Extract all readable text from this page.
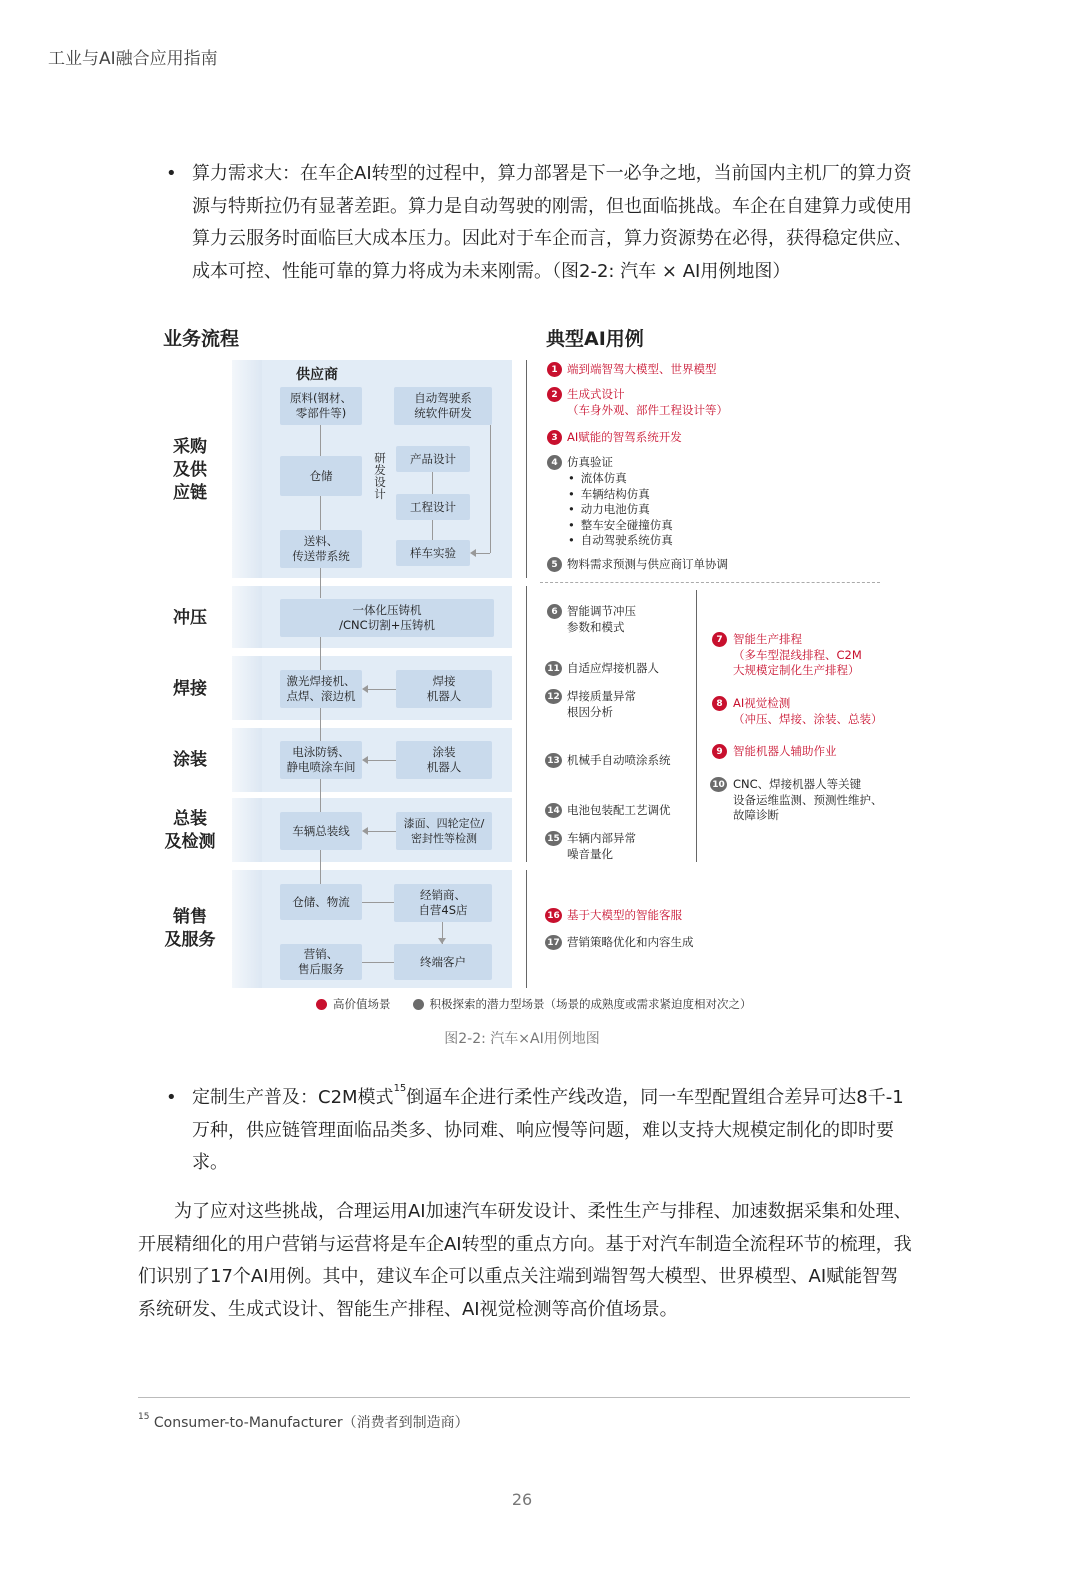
工业与AI融合应用指南
• 算力需求大：在车企AI转型的过程中，算力部署是下一必争之地，当前国内主机厂的算力资源与特斯拉仍有显著差距。算力是自动驾驶的刚需，但也面临挑战。车企在自建算力或使用算力云服务时面临巨大成本压力。因此对于车企而言，算力资源势在必得，获得稳定供应、成本可控、性能可靠的算力将成为未来刚需。（图2-2: 汽车 × AI用例地图）
业务流程	典型AI用例
采购
及供
应链
冲压
焊接
涂装
总装
及检测
销售
及服务
供应商
原料(钢材、
零部件等)
自动驾驶系
统软件研发
仓储
研
发
设
计
产品设计
工程设计
送料、
传送带系统	样车实验
一体化压铸机
/CNC切割+压铸机
激光焊接机、
点焊、滚边机
焊接
机器人
电泳防锈、
静电喷涂车间
涂装
机器人
车辆总装线	漆面、四轮定位/
密封性等检测
仓储、物流	经销商、
自营4S店
营销、
售后服务
终端客户
1 端到端智驾大模型、世界模型
2 生成式设计
（车身外观、部件工程设计等）
3 AI赋能的智驾系统开发
4 仿真验证
• 流体仿真
• 车辆结构仿真
• 动力电池仿真
• 整车安全碰撞仿真
• 自动驾驶系统仿真
5 物料需求预测与供应商订单协调
6 智能调节冲压
参数和模式
11 自适应焊接机器人
12 焊接质量异常
根因分析
13 机械手自动喷涂系统
14 电池包装配工艺调优
15 车辆内部异常
噪音量化
7 智能生产排程
（多车型混线排程、C2M
大规模定制化生产排程）
8 AI视觉检测
（冲压、焊接、涂装、总装）
9 智能机器人辅助作业
10 CNC、焊接机器人等关键
设备运维监测、预测性维护、
故障诊断
16 基于大模型的智能客服
17 营销策略优化和内容生成
高价值场景	积极探索的潜力型场景（场景的成熟度或需求紧迫度相对次之）
图2-2: 汽车×AI用例地图
• 定制生产普及：C2M模式$^{15}$倒逼车企进行柔性产线改造，同一车型配置组合差异可达8千-1万种，供应链管理面临品类多、协同难、响应慢等问题，难以支持大规模定制化的即时要求。
为了应对这些挑战，合理运用AI加速汽车研发设计、柔性生产与排程、加速数据采集和处理、开展精细化的用户营销与运营将是车企AI转型的重点方向。基于对汽车制造全流程环节的梳理，我们识别了17个AI用例。其中，建议车企可以重点关注端到端智驾大模型、世界模型、AI赋能智驾系统研发、生成式设计、智能生产排程、AI视觉检测等高价值场景。
$^{15}$ Consumer-to-Manufacturer（消费者到制造商）
26
